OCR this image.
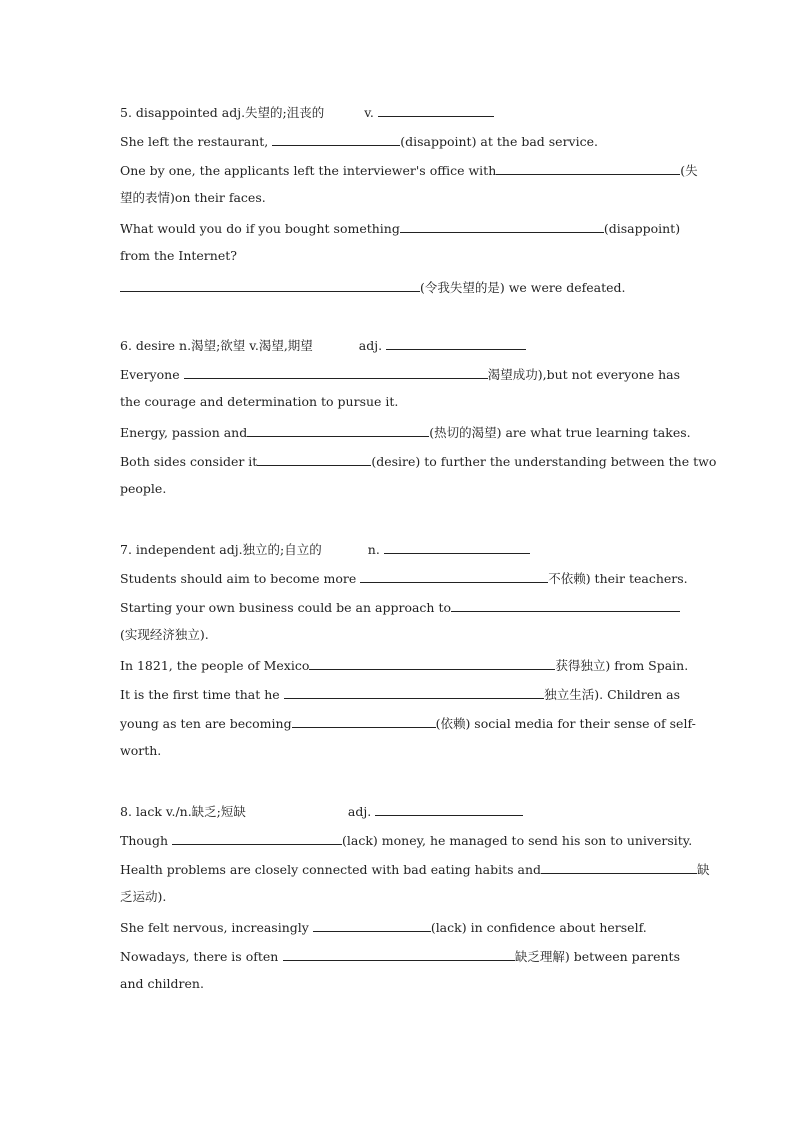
5. disappointed adj.失望的;沮丧的	v.
She left the restaurant,	(disappoint) at the bad service.
One by one, the applicants left the interviewer's office with	(失
望的表情)on their faces.
What would you do if you bought something	(disappoint)
from the Internet?
(令我失望的是) we were defeated.
6. desire n.渴望;欲望 v.渴望,期望	adj.
Everyone	渴望成功),but not everyone has
the courage and determination to pursue it.
Energy, passion and	(热切的渴望) are what true learning takes.
Both sides consider it	(desire) to further the understanding between the two
people.
7. independent adj.独立的;自立的	n.
Students should aim to become more	不依赖) their teachers.
Starting your own business could be an approach to
(实现经济独立).
In 1821, the people of Mexico	获得独立) from Spain.
It is the first time that he	独立生活). Children as
young as ten are becoming	(依赖) social media for their sense of self-
worth.
8. lack v./n.缺乏;短缺	adj.
Though	(lack) money, he managed to send his son to university.
Health problems are closely connected with bad eating habits and	缺
乏运动).
She felt nervous, increasingly	(lack) in confidence about herself.
Nowadays, there is often	缺乏理解) between parents
and children.
